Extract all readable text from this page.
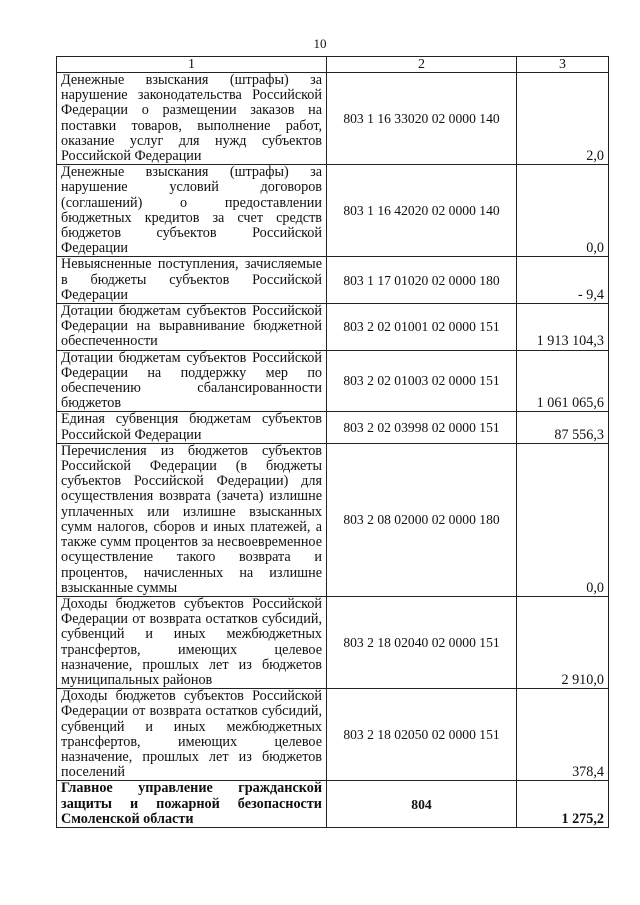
10
1	2	3
Денежные взыскания (штрафы) за нарушение законодательства Российской Федерации о размещении заказов на поставки товаров, выполнение работ, оказание услуг для нужд субъектов Российской Федерации	803 1 16 33020 02 0000 140	2,0
Денежные взыскания (штрафы) за нарушение условий договоров (соглашений) о предоставлении бюджетных кредитов за счет средств бюджетов субъектов Российской Федерации	803 1 16 42020 02 0000 140	0,0
Невыясненные поступления, зачисляемые в бюджеты субъектов Российской Федерации	803 1 17 01020 02 0000 180	- 9,4
Дотации бюджетам субъектов Российской Федерации на выравнивание бюджетной обеспеченности	803 2 02 01001 02 0000 151	1 913 104,3
Дотации бюджетам субъектов Российской Федерации на поддержку мер по обеспечению сбалансированности бюджетов	803 2 02 01003 02 0000 151	1 061 065,6
Единая субвенция бюджетам субъектов Российской Федерации	803 2 02 03998 02 0000 151	87 556,3
Перечисления из бюджетов субъектов Российской Федерации (в бюджеты субъектов Российской Федерации) для осуществления возврата (зачета) излишне уплаченных или излишне взысканных сумм налогов, сборов и иных платежей, а также сумм процентов за несвоевременное осуществление такого возврата и процентов, начисленных на излишне взысканные суммы	803 2 08 02000 02 0000 180	0,0
Доходы бюджетов субъектов Российской Федерации от возврата остатков субсидий, субвенций и иных межбюджетных трансфертов, имеющих целевое назначение, прошлых лет из бюджетов муниципальных районов	803 2 18 02040 02 0000 151	2 910,0
Доходы бюджетов субъектов Российской Федерации от возврата остатков субсидий, субвенций и иных межбюджетных трансфертов, имеющих целевое назначение, прошлых лет из бюджетов поселений	803 2 18 02050 02 0000 151	378,4
Главное управление гражданской защиты и пожарной безопасности Смоленской области	804	1 275,2
